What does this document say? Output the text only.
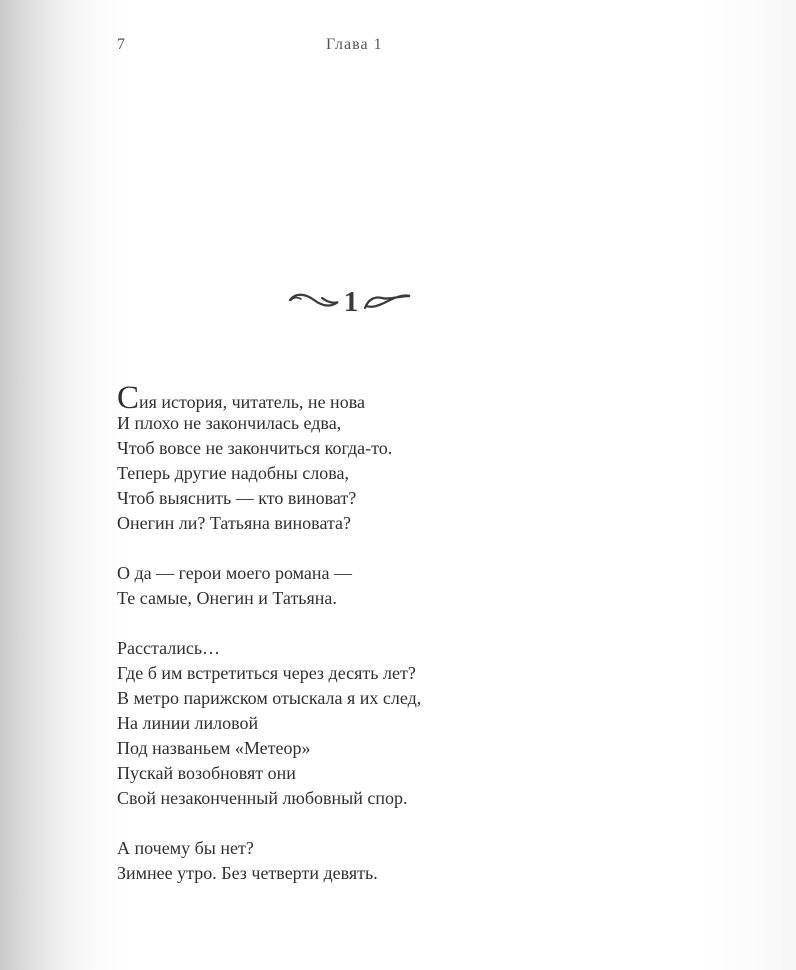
7	Глава 1
1
Сия история, читатель, не нова
И плохо не закончилась едва,
Чтоб вовсе не закончиться когда-то.
Теперь другие надобны слова,
Чтоб выяснить — кто виноват?
Онегин ли? Татьяна виновата?
О да — герои моего романа —
Те самые, Онегин и Татьяна.
Расстались…
Где б им встретиться через десять лет?
В метро парижском отыскала я их след,
На линии лиловой
Под названьем «Метеор»
Пускай возобновят они
Свой незаконченный любовный спор.
А почему бы нет?
Зимнее утро. Без четверти девять.
